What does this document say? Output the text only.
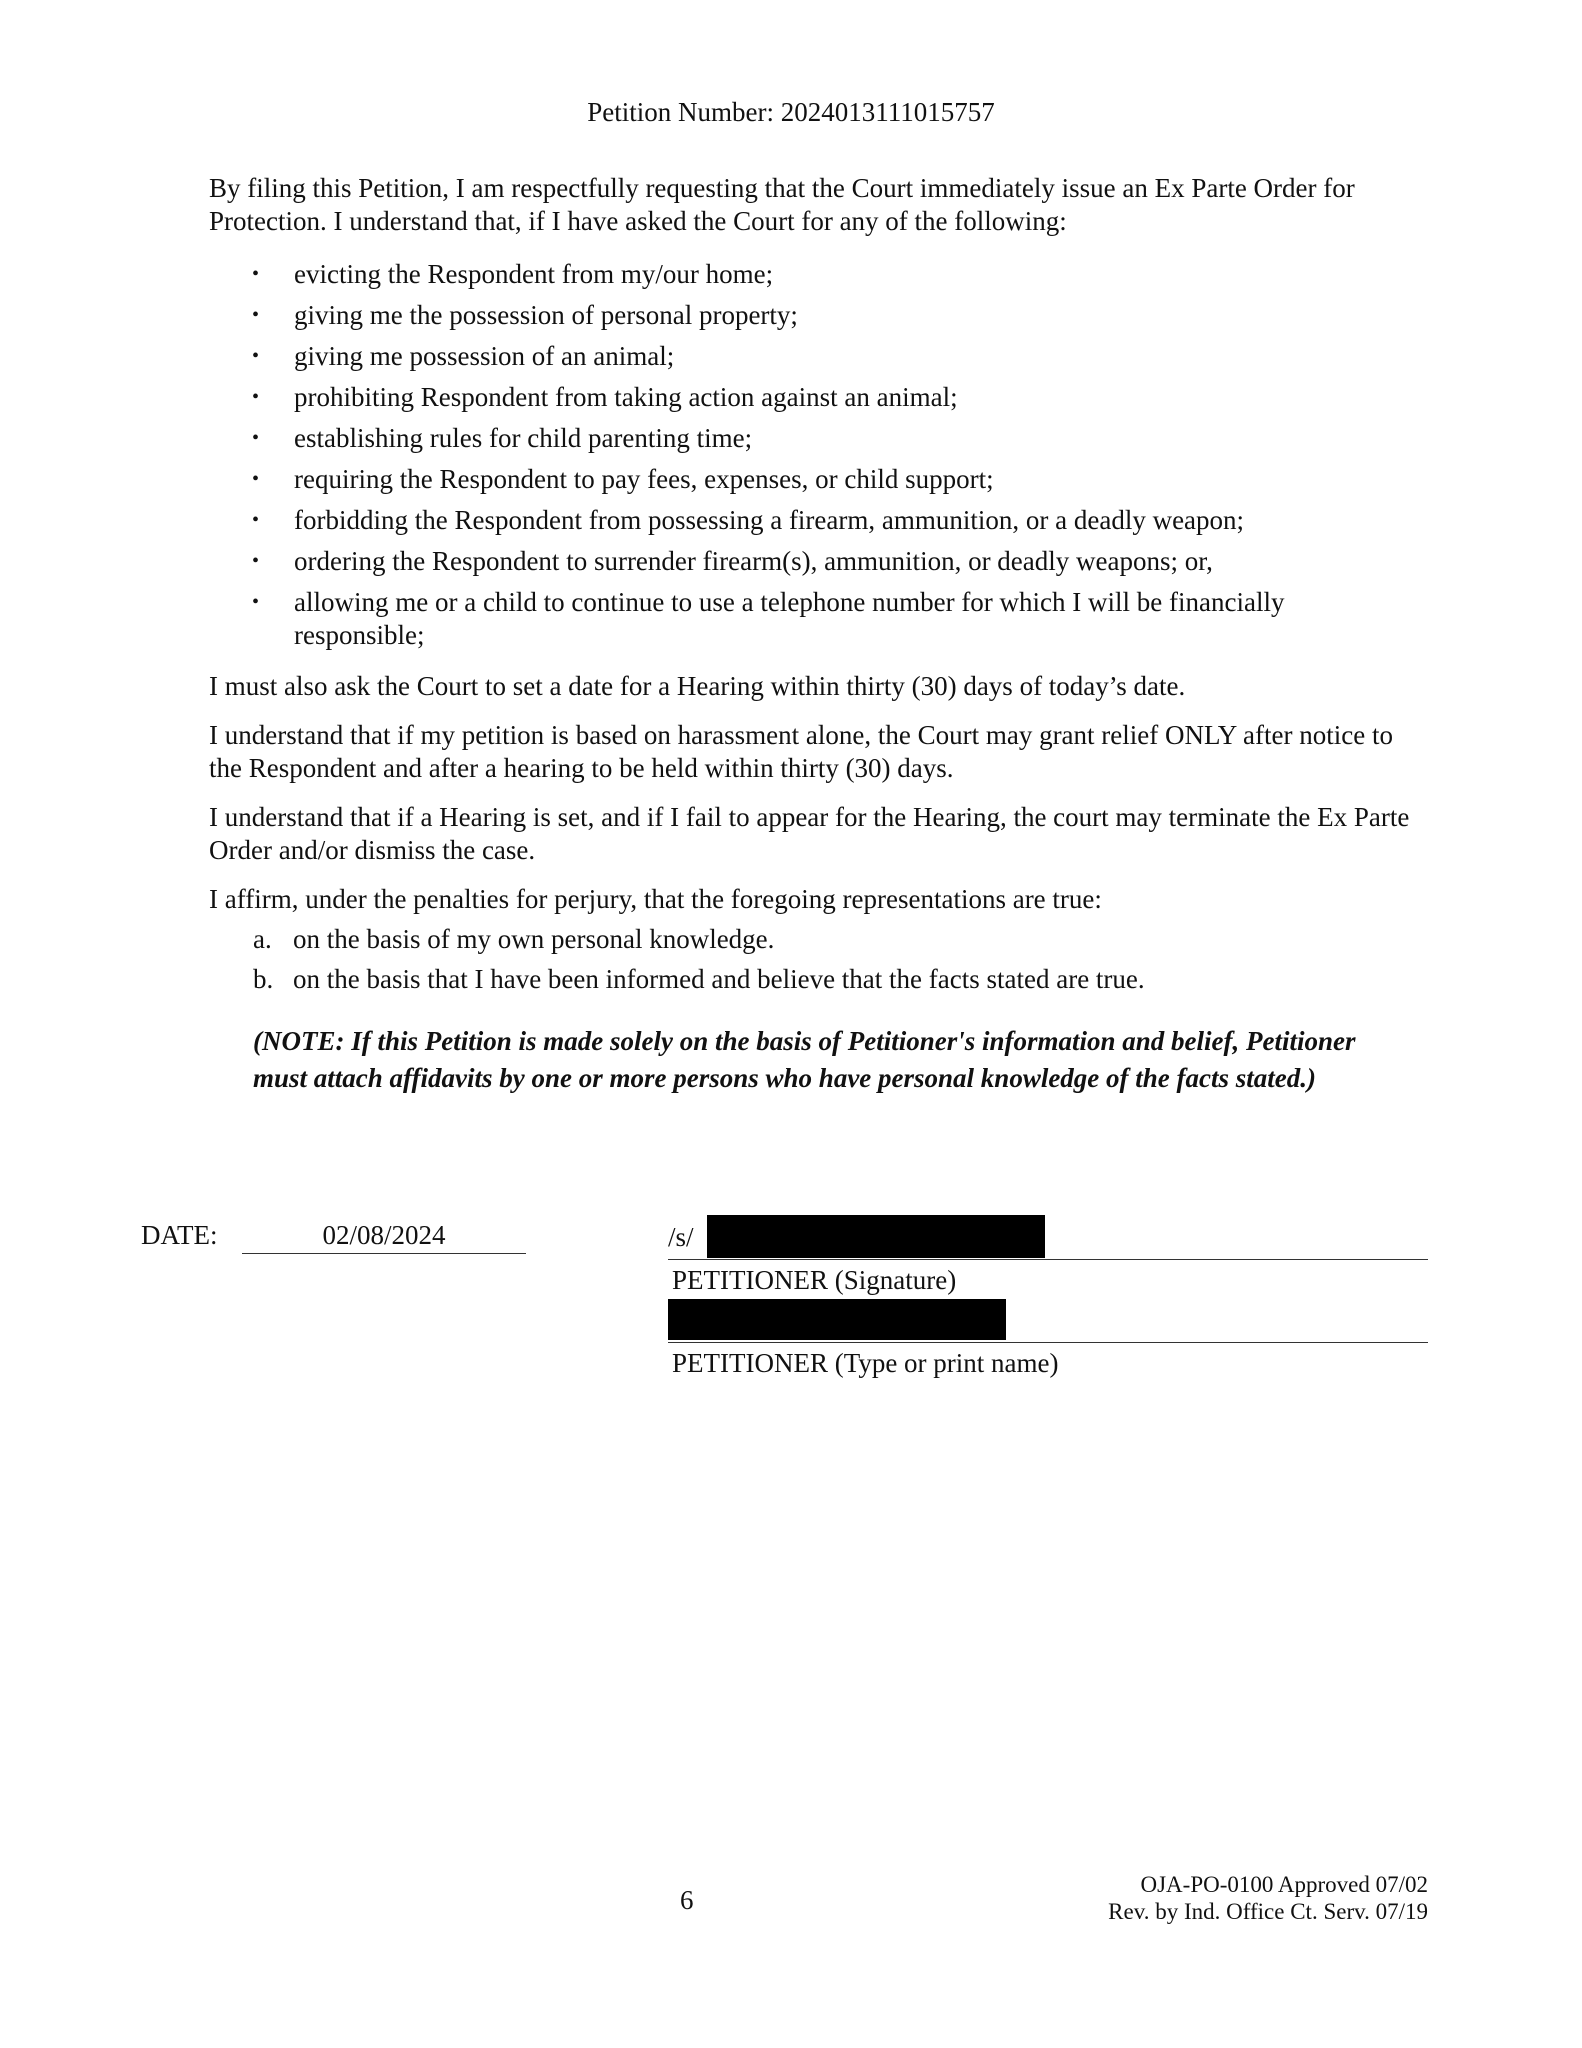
Petition Number: 2024013111015757

By filing this Petition, I am respectfully requesting that the Court immediately issue an Ex Parte Order for Protection. I understand that, if I have asked the Court for any of the following:

• evicting the Respondent from my/our home;
• giving me the possession of personal property;
• giving me possession of an animal;
• prohibiting Respondent from taking action against an animal;
• establishing rules for child parenting time;
• requiring the Respondent to pay fees, expenses, or child support;
• forbidding the Respondent from possessing a firearm, ammunition, or a deadly weapon;
• ordering the Respondent to surrender firearm(s), ammunition, or deadly weapons; or,
• allowing me or a child to continue to use a telephone number for which I will be financially responsible;

I must also ask the Court to set a date for a Hearing within thirty (30) days of today’s date.

I understand that if my petition is based on harassment alone, the Court may grant relief ONLY after notice to the Respondent and after a hearing to be held within thirty (30) days.

I understand that if a Hearing is set, and if I fail to appear for the Hearing, the court may terminate the Ex Parte Order and/or dismiss the case.

I affirm, under the penalties for perjury, that the foregoing representations are true:

a. on the basis of my own personal knowledge.
b. on the basis that I have been informed and believe that the facts stated are true.

(NOTE: If this Petition is made solely on the basis of Petitioner's information and belief, Petitioner must attach affidavits by one or more persons who have personal knowledge of the facts stated.)

DATE:	02/08/2024	/s/
PETITIONER (Signature)
PETITIONER (Type or print name)
6
OJA-PO-0100 Approved 07/02
Rev. by Ind. Office Ct. Serv. 07/19
